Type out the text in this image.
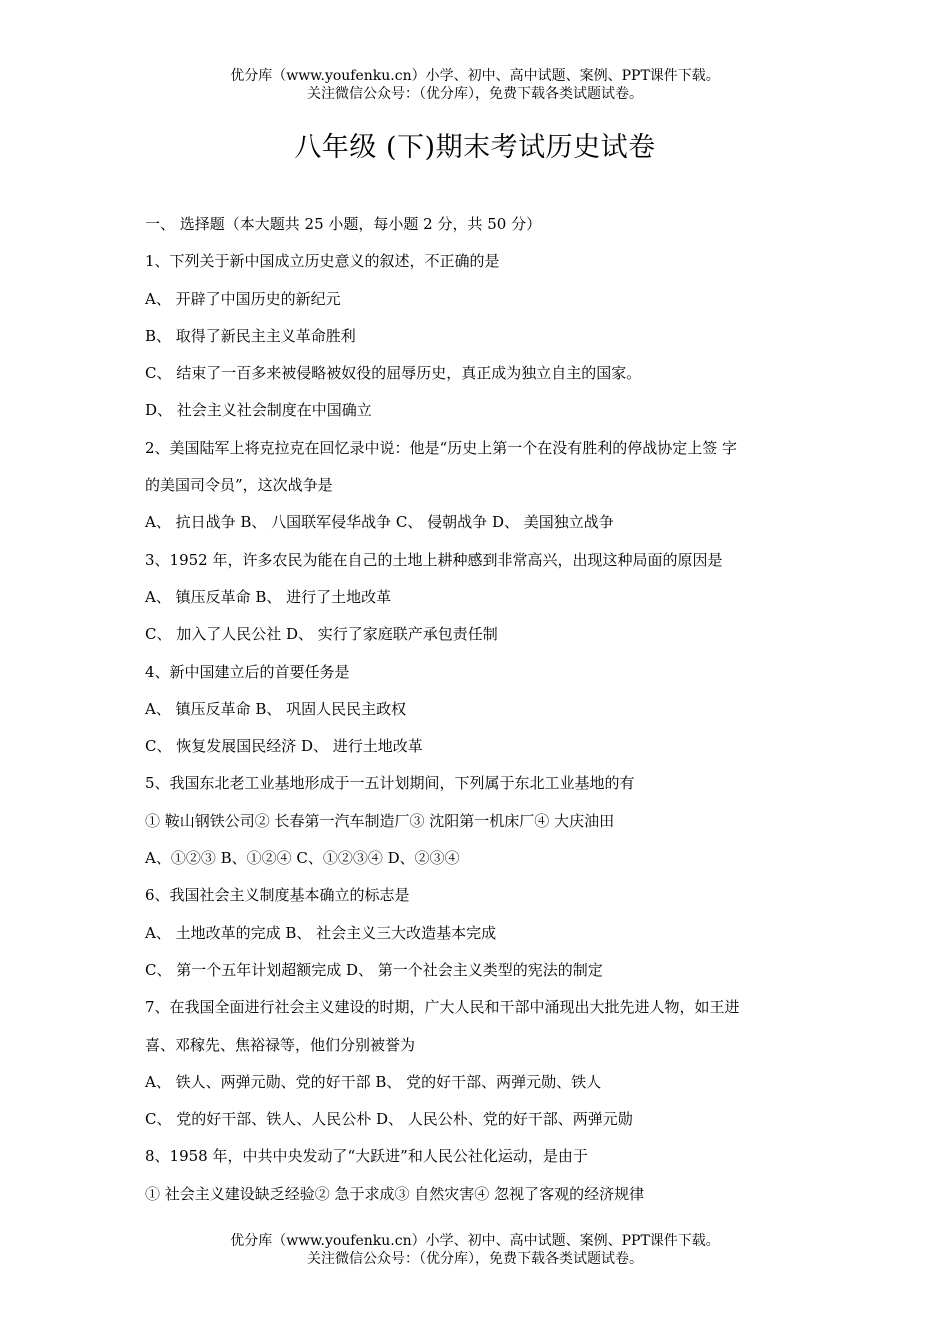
优分库（www.youfenku.cn）小学、初中、高中试题、案例、PPT课件下载。
关注微信公众号：（优分库），免费下载各类试题试卷。
八年级 (下)期末考试历史试卷
一、 选择题（本大题共 25 小题，每小题 2 分，共 50 分）
1、下列关于新中国成立历史意义的叙述，不正确的是
A、 开辟了中国历史的新纪元
B、 取得了新民主主义革命胜利
C、 结束了一百多来被侵略被奴役的屈辱历史，真正成为独立自主的国家。
D、 社会主义社会制度在中国确立
2、美国陆军上将克拉克在回忆录中说：他是“历史上第一个在没有胜利的停战协定上签 字
的美国司令员”，这次战争是
A、 抗日战争 B、 八国联军侵华战争 C、 侵朝战争 D、 美国独立战争
3、1952 年，许多农民为能在自己的土地上耕种感到非常高兴，出现这种局面的原因是
A、 镇压反革命 B、 进行了土地改革
C、 加入了人民公社 D、 实行了家庭联产承包责任制
4、新中国建立后的首要任务是
A、 镇压反革命 B、 巩固人民民主政权
C、 恢复发展国民经济 D、 进行土地改革
5、我国东北老工业基地形成于一五计划期间，下列属于东北工业基地的有
① 鞍山钢铁公司② 长春第一汽车制造厂③ 沈阳第一机床厂④ 大庆油田
A、①②③ B、①②④ C、①②③④ D、②③④
6、我国社会主义制度基本确立的标志是
A、 土地改革的完成 B、 社会主义三大改造基本完成
C、 第一个五年计划超额完成 D、 第一个社会主义类型的宪法的制定
7、在我国全面进行社会主义建设的时期，广大人民和干部中涌现出大批先进人物，如王进
喜、邓稼先、焦裕禄等，他们分别被誉为
A、 铁人、两弹元勋、党的好干部 B、 党的好干部、两弹元勋、铁人
C、 党的好干部、铁人、人民公朴 D、 人民公朴、党的好干部、两弹元勋
8、1958 年，中共中央发动了“大跃进”和人民公社化运动，是由于
① 社会主义建设缺乏经验② 急于求成③ 自然灾害④ 忽视了客观的经济规律
优分库（www.youfenku.cn）小学、初中、高中试题、案例、PPT课件下载。
关注微信公众号：（优分库），免费下载各类试题试卷。
